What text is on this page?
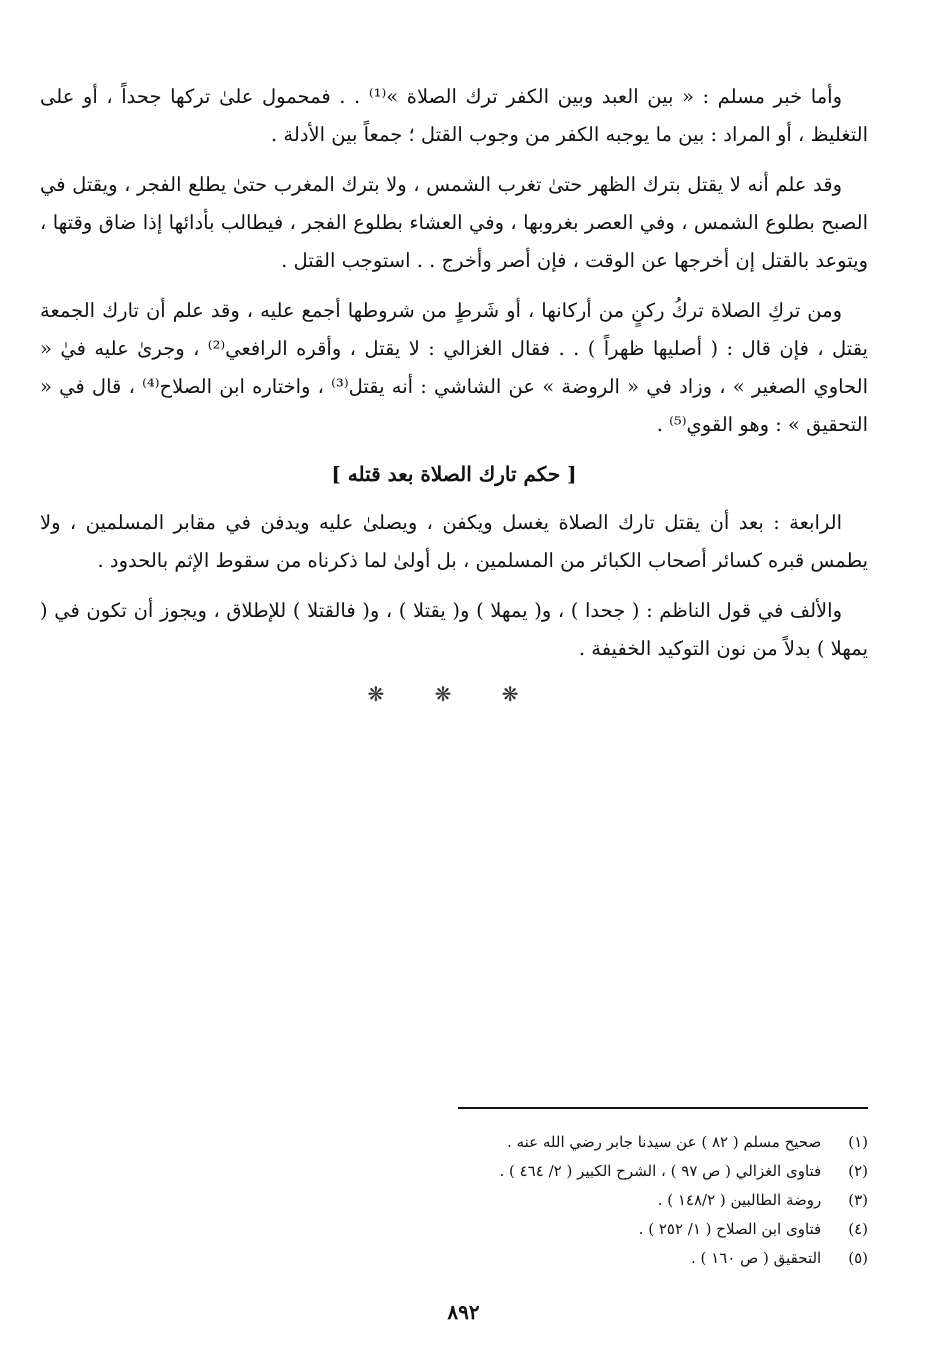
وأما خبر مسلم : « بين العبد وبين الكفر ترك الصلاة »⁽¹⁾ . . فمحمول علىٰ تركها جحداً ، أو على التغليظ ، أو المراد : بين ما يوجبه الكفر من وجوب القتل ؛ جمعاً بين الأدلة .

وقد علم أنه لا يقتل بترك الظهر حتىٰ تغرب الشمس ، ولا بترك المغرب حتىٰ يطلع الفجر ، ويقتل في الصبح بطلوع الشمس ، وفي العصر بغروبها ، وفي العشاء بطلوع الفجر ، فيطالب بأدائها إذا ضاق وقتها ، ويتوعد بالقتل إن أخرجها عن الوقت ، فإن أصر وأخرج . . استوجب القتل .

ومن تركِ الصلاة تركُ ركنٍ من أركانها ، أو شَرطٍ من شروطها أجمع عليه ، وقد علم أن تارك الجمعة يقتل ، فإن قال : ( أصليها ظهراً ) . . فقال الغزالي : لا يقتل ، وأقره الرافعي⁽²⁾ ، وجرىٰ عليه فيٰ « الحاوي الصغير » ، وزاد في « الروضة » عن الشاشي : أنه يقتل⁽³⁾ ، واختاره ابن الصلاح⁽⁴⁾ ، قال في « التحقيق » : وهو القوي⁽⁵⁾ .

[ حكم تارك الصلاة بعد قتله ]

الرابعة : بعد أن يقتل تارك الصلاة يغسل ويكفن ، ويصلىٰ عليه ويدفن في مقابر المسلمين ، ولا يطمس قبره كسائر أصحاب الكبائر من المسلمين ، بل أولىٰ لما ذكرناه من سقوط الإثم بالحدود .

والألف في قول الناظم : ( جحدا ) ، و( يمهلا ) و( يقتلا ) ، و( فالقتلا ) للإطلاق ، ويجوز أن تكون في ( يمهلا ) بدلاً من نون التوكيد الخفيفة .

❋ ❋ ❋
(١) صحيح مسلم ( ٨٢ ) عن سيدنا جابر رضي الله عنه .
(٢) فتاوى الغزالي ( ص ٩٧ ) ، الشرح الكبير ( ٢/ ٤٦٤ ) .
(٣) روضة الطالبين ( ١٤٨/٢ ) .
(٤) فتاوى ابن الصلاح ( ١/ ٢٥٢ ) .
(٥) التحقيق ( ص ١٦٠ ) .
٨٩٢
